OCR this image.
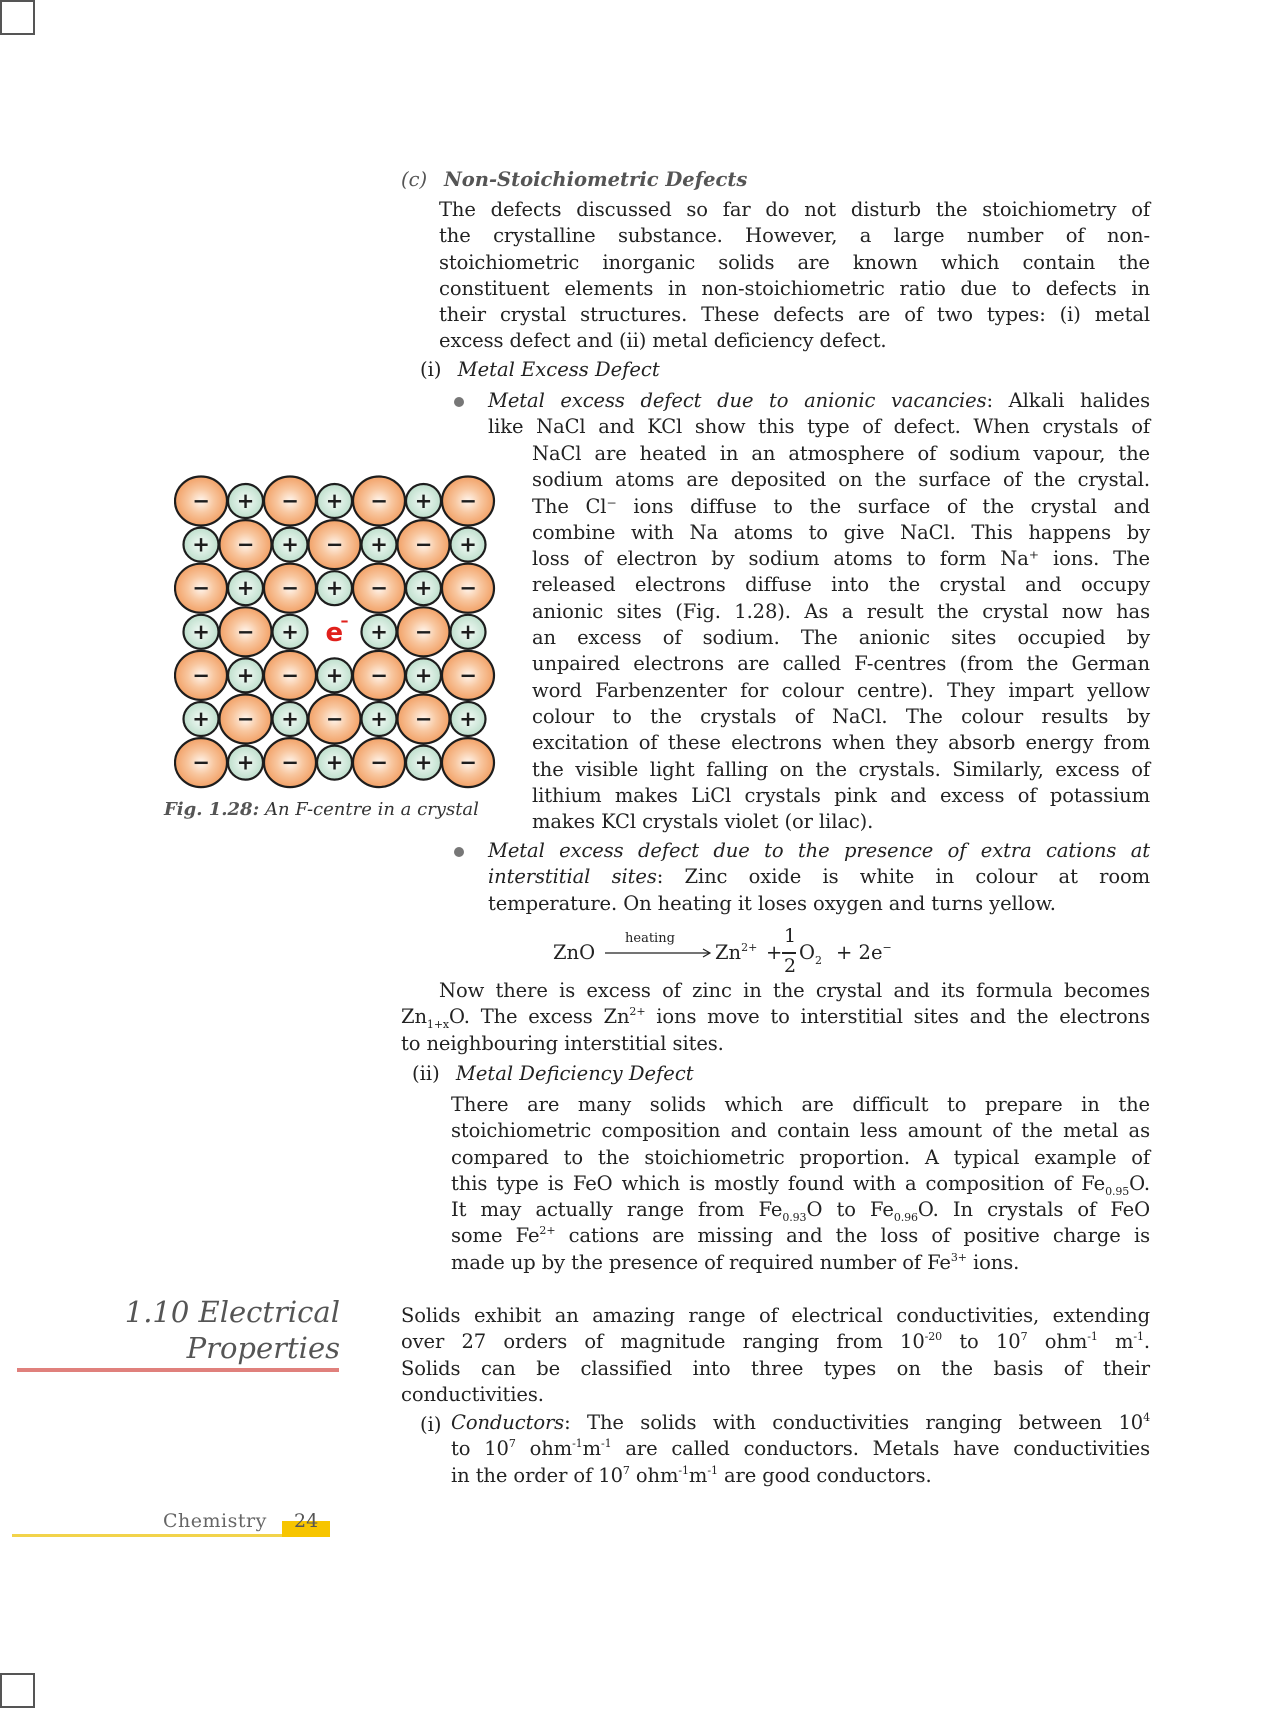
(c) Non-Stoichiometric Defects
The defects discussed so far do not disturb the stoichiometry of
the crystalline substance. However, a large number of non-
stoichiometric inorganic solids are known which contain the
constituent elements in non-stoichiometric ratio due to defects in
their crystal structures. These defects are of two types: (i) metal
excess defect and (ii) metal deficiency defect.
(i) Metal Excess Defect
Metal excess defect due to anionic vacancies: Alkali halides
like NaCl and KCl show this type of defect. When crystals of
NaCl are heated in an atmosphere of sodium vapour, the
sodium atoms are deposited on the surface of the crystal.
The Cl⁻ ions diffuse to the surface of the crystal and
combine with Na atoms to give NaCl. This happens by
loss of electron by sodium atoms to form Na⁺ ions. The
released electrons diffuse into the crystal and occupy
anionic sites (Fig. 1.28). As a result the crystal now has
an excess of sodium. The anionic sites occupied by
unpaired electrons are called F-centres (from the German
word Farbenzenter for colour centre). They impart yellow
colour to the crystals of NaCl. The colour results by
excitation of these electrons when they absorb energy from
the visible light falling on the crystals. Similarly, excess of
lithium makes LiCl crystals pink and excess of potassium
makes KCl crystals violet (or lilac).
− + − + − + −
+ − + − + − +
− + − + − + −
+ − + e
– + − +
− + − + − + −
+ − + − + − +
− + − + − + −
Fig. 1.28: An F-centre in a crystal
Metal excess defect due to the presence of extra cations at
interstitial sites: Zinc oxide is white in colour at room
temperature. On heating it loses oxygen and turns yellow.
ZnO
heating
$Zn^{2+}$ +
1
2
$O_2 + 2e^-$
Now there is excess of zinc in the crystal and its formula becomes
$Zn_{1+x}O$. The excess $Zn^{2+}$ ions move to interstitial sites and the electrons
to neighbouring interstitial sites.
(ii) Metal Deficiency Defect
There are many solids which are difficult to prepare in the
stoichiometric composition and contain less amount of the metal as
compared to the stoichiometric proportion. A typical example of
this type is FeO which is mostly found with a composition of $Fe_{0.95}O$.
It may actually range from $Fe_{0.93}O$ to $Fe_{0.96}O$. In crystals of FeO
some $Fe^{2+}$ cations are missing and the loss of positive charge is
made up by the presence of required number of $Fe^{3+}$ ions.
1.10 Electrical
Properties
Solids exhibit an amazing range of electrical conductivities, extending
over 27 orders of magnitude ranging from $10^{-20}$ to $10^7$ ohm$^{-1}$ $m^{-1}$.
Solids can be classified into three types on the basis of their
conductivities.
(i) Conductors: The solids with conductivities ranging between $10^4$
to $10^7$ $ohm^{-1}m^{-1}$ are called conductors. Metals have conductivities
in the order of $10^7$ $ohm^{-1}m^{-1}$ are good conductors.
Chemistry 24
